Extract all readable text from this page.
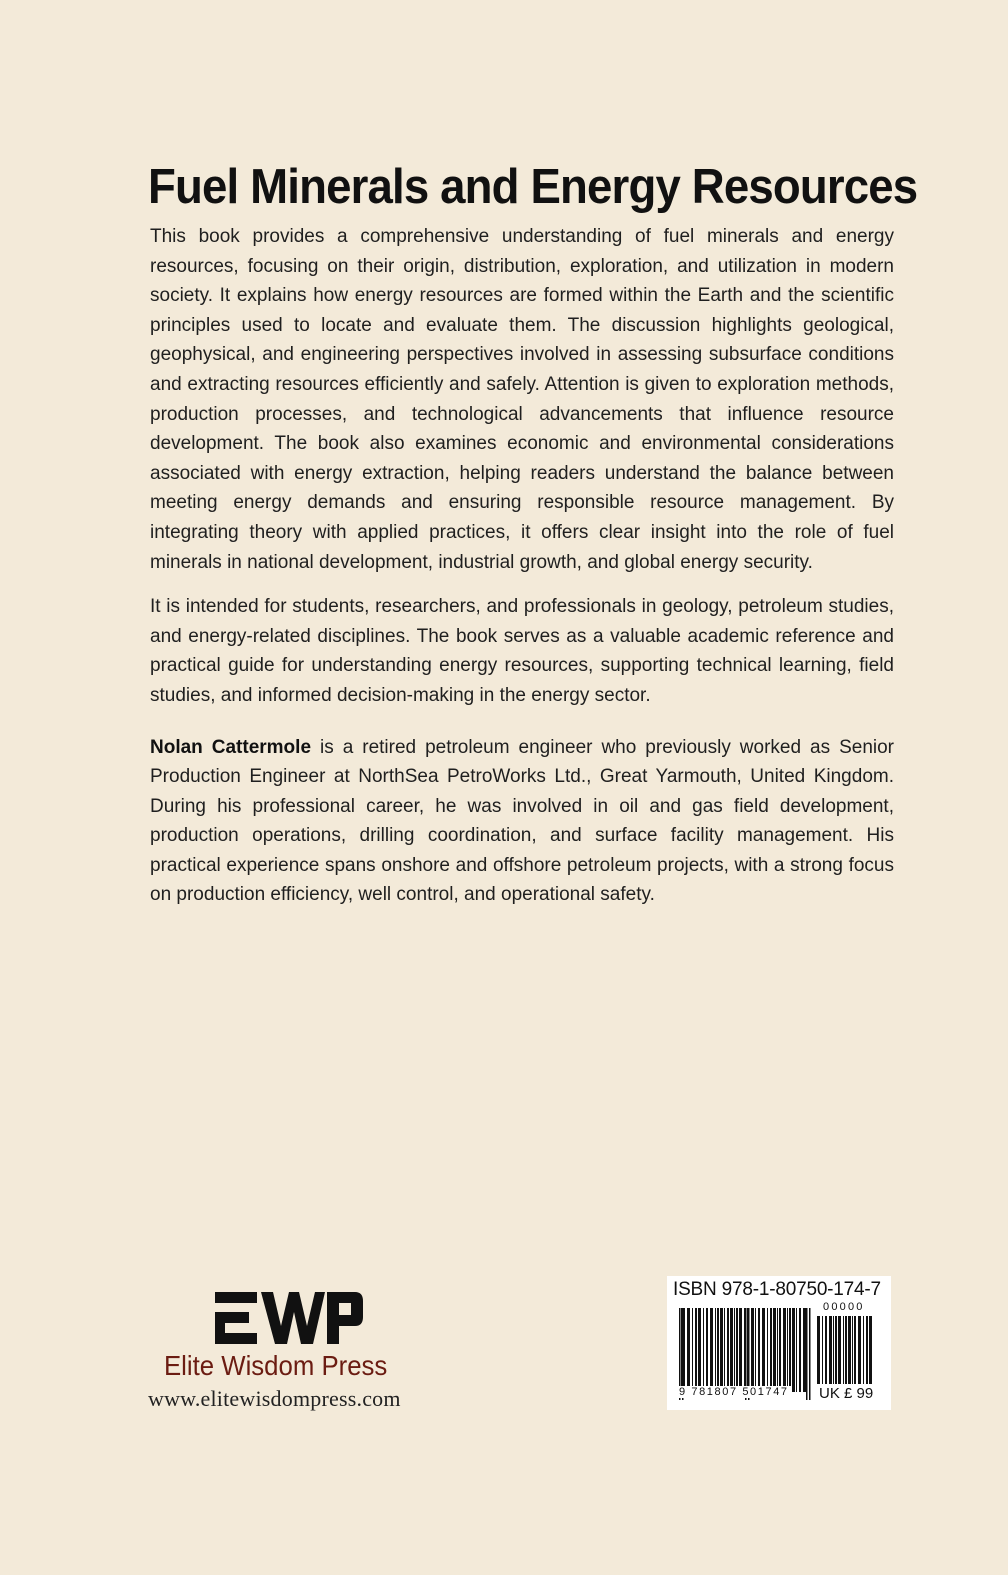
Fuel Minerals and Energy Resources

This book provides a comprehensive understanding of fuel minerals and energy resources, focusing on their origin, distribution, exploration, and utilization in modern society. It explains how energy resources are formed within the Earth and the scientific principles used to locate and evaluate them. The discussion highlights geological, geophysical, and engineering perspectives involved in assessing subsurface conditions and extracting resources efficiently and safely. Attention is given to exploration methods, production processes, and technological advancements that influence resource development. The book also examines economic and environmental considerations associated with energy extraction, helping readers understand the balance between meeting energy demands and ensuring responsible resource management. By integrating theory with applied practices, it offers clear insight into the role of fuel minerals in national development, industrial growth, and global energy security.

It is intended for students, researchers, and professionals in geology, petroleum studies, and energy-related disciplines. The book serves as a valuable academic reference and practical guide for understanding energy resources, supporting technical learning, field studies, and informed decision-making in the energy sector.

Nolan Cattermole is a retired petroleum engineer who previously worked as Senior Production Engineer at NorthSea PetroWorks Ltd., Great Yarmouth, United Kingdom. During his professional career, he was involved in oil and gas field development, production operations, drilling coordination, and surface facility management. His practical experience spans onshore and offshore petroleum projects, with a strong focus on production efficiency, well control, and operational safety.

Elite Wisdom Press
www.elitewisdompress.com
ISBN 978-1-80750-174-7
00000
9 781807 501747 UK £ 99
